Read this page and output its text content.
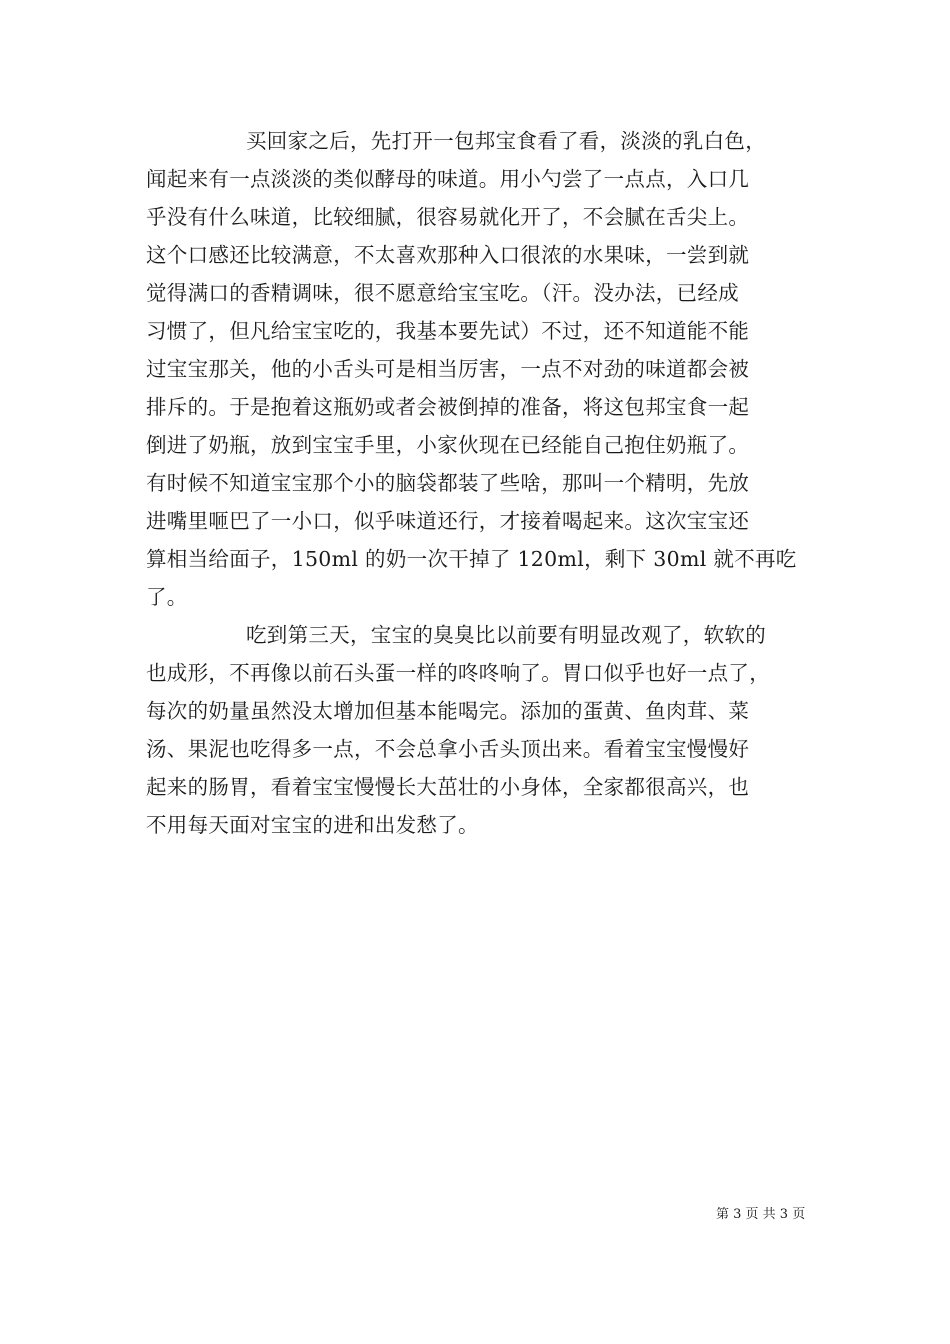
买回家之后，先打开一包邦宝食看了看，淡淡的乳白色，
闻起来有一点淡淡的类似酵母的味道。用小勺尝了一点点，入口几
乎没有什么味道，比较细腻，很容易就化开了，不会腻在舌尖上。
这个口感还比较满意，不太喜欢那种入口很浓的水果味，一尝到就
觉得满口的香精调味，很不愿意给宝宝吃。（汗。没办法，已经成
习惯了，但凡给宝宝吃的，我基本要先试）不过，还不知道能不能
过宝宝那关，他的小舌头可是相当厉害，一点不对劲的味道都会被
排斥的。于是抱着这瓶奶或者会被倒掉的准备，将这包邦宝食一起
倒进了奶瓶，放到宝宝手里，小家伙现在已经能自己抱住奶瓶了。
有时候不知道宝宝那个小的脑袋都装了些啥，那叫一个精明，先放
进嘴里咂巴了一小口，似乎味道还行，才接着喝起来。这次宝宝还
算相当给面子，150ml 的奶一次干掉了 120ml，剩下 30ml 就不再吃
了。
吃到第三天，宝宝的臭臭比以前要有明显改观了，软软的
也成形，不再像以前石头蛋一样的咚咚响了。胃口似乎也好一点了，
每次的奶量虽然没太增加但基本能喝完。添加的蛋黄、鱼肉茸、菜
汤、果泥也吃得多一点，不会总拿小舌头顶出来。看着宝宝慢慢好
起来的肠胃，看着宝宝慢慢长大茁壮的小身体，全家都很高兴，也
不用每天面对宝宝的进和出发愁了。
第 3 页 共 3 页
